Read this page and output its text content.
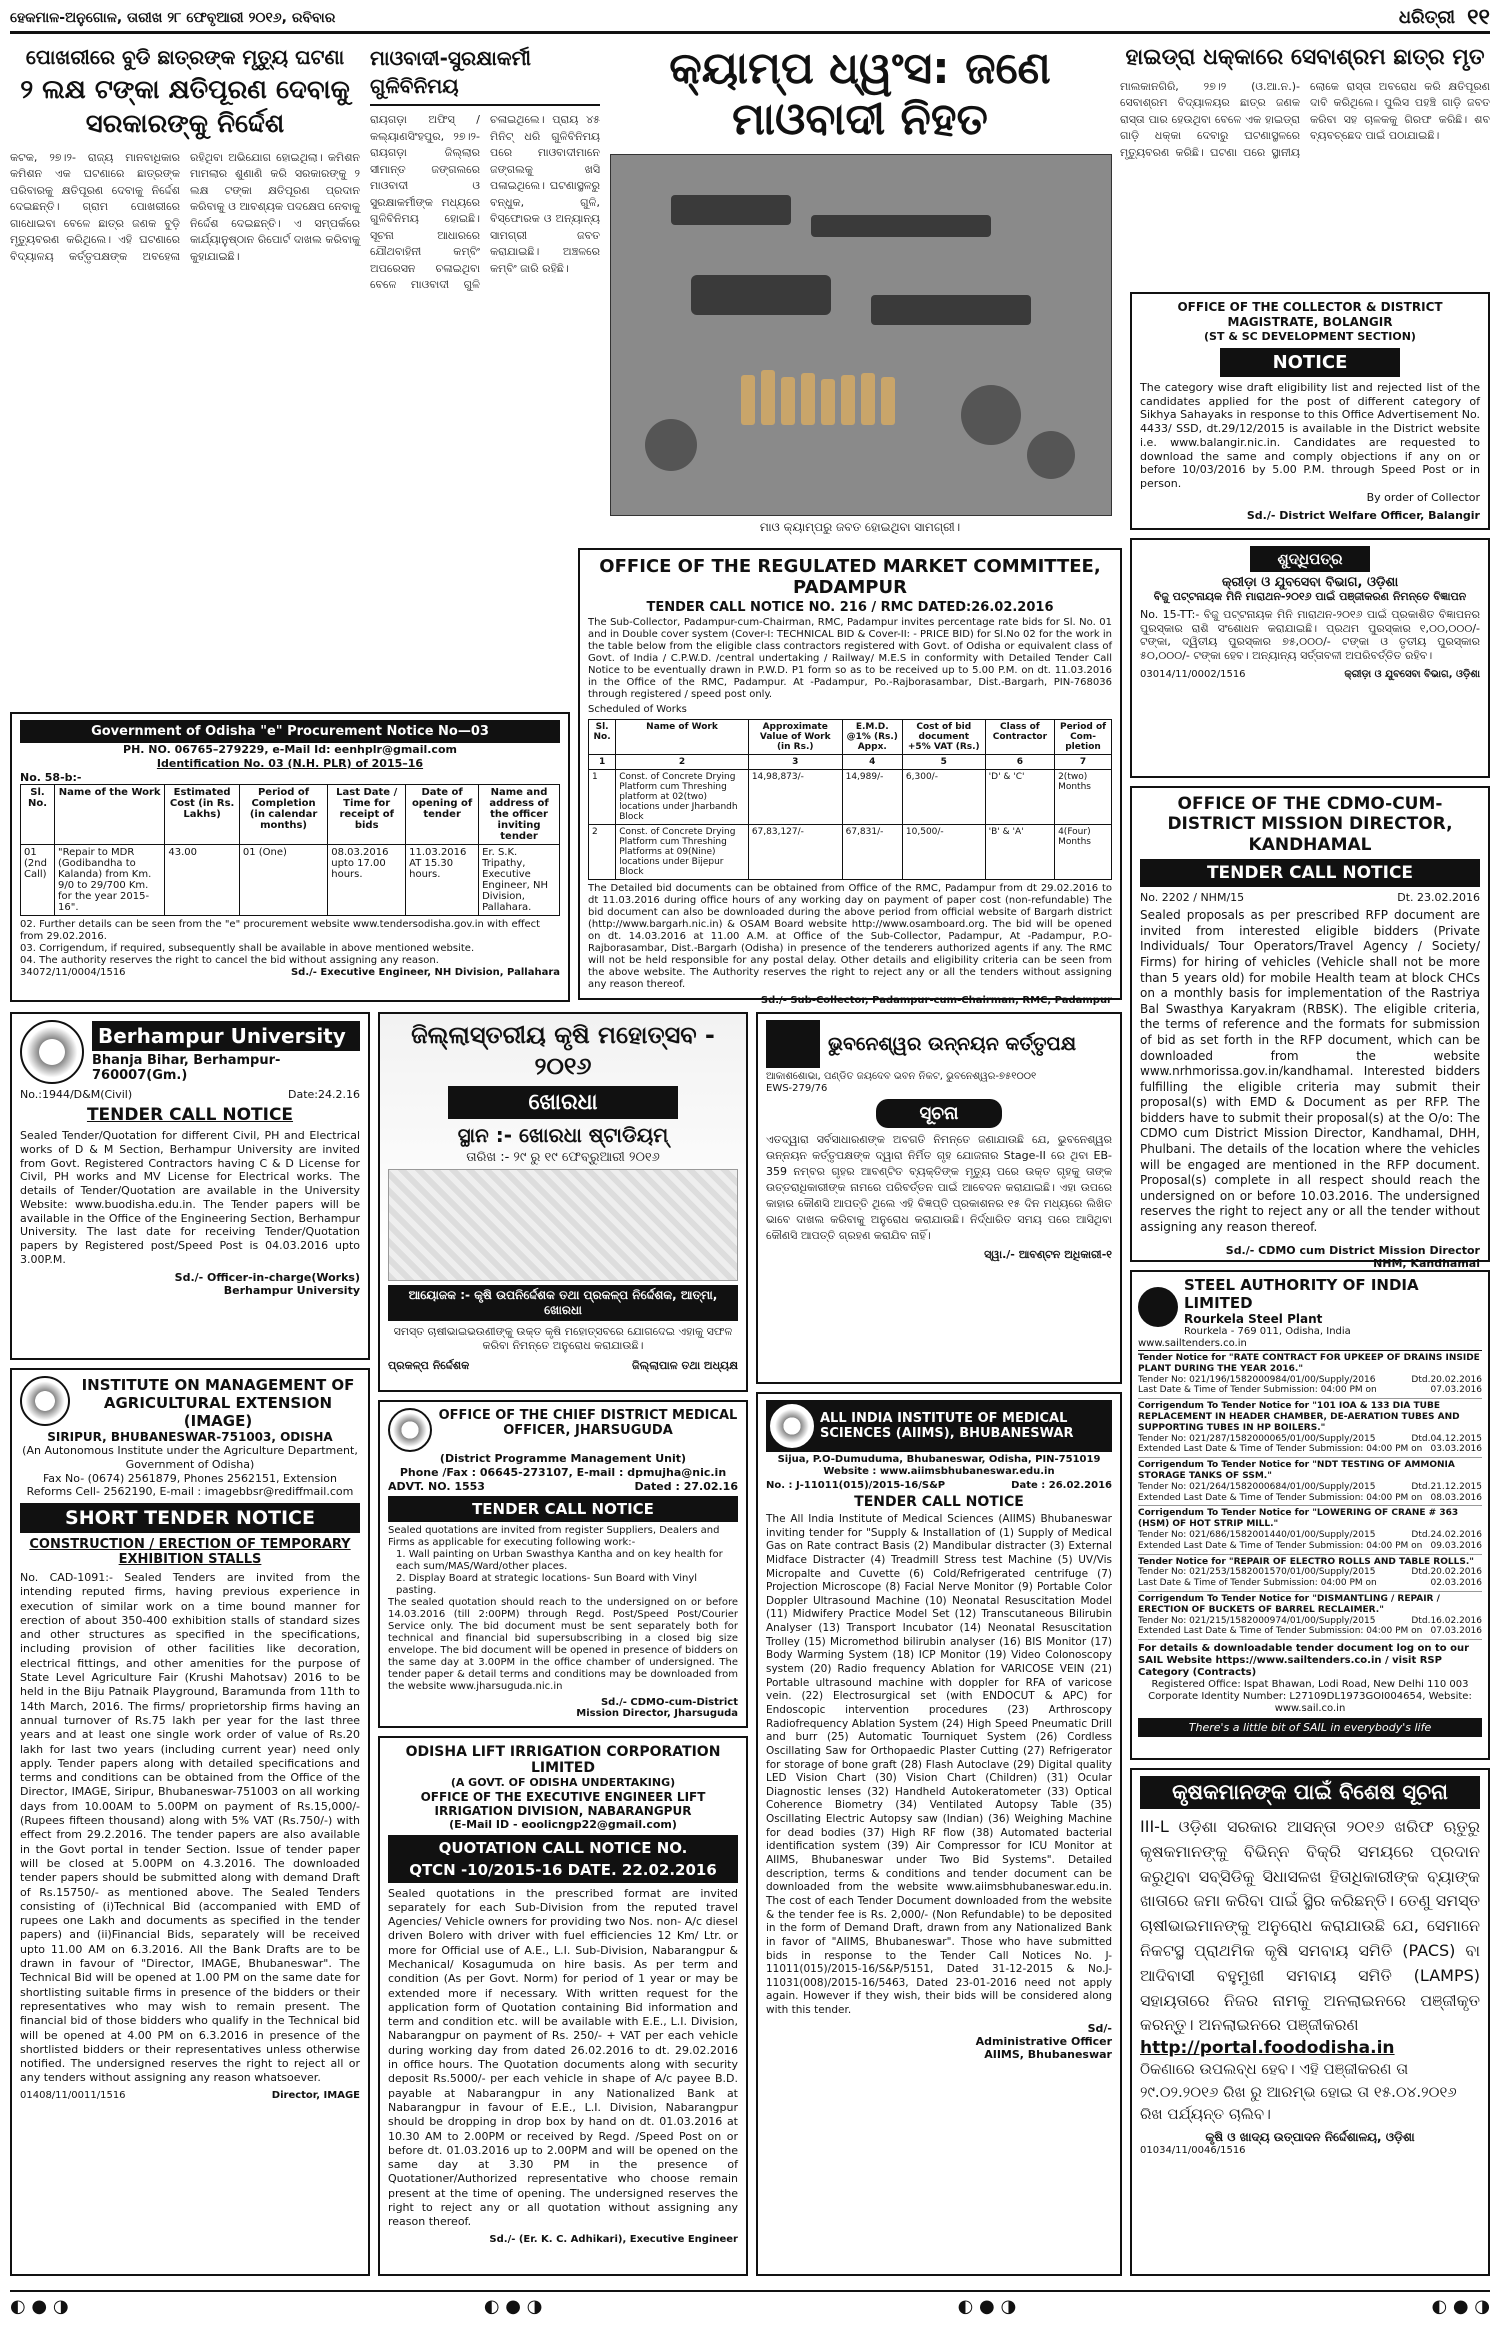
ହେକମାଳ-ଅନୁଗୋଳ, ତାରୀଖ ୨୮ ଫେବୃଆରୀ ୨୦୧୬, ରବିବାର	ଧରିତ୍ରୀ ୧୧
ପୋଖରୀରେ ବୁଡି ଛାତ୍ରଙ୍କ ମୃତ୍ୟୁ ଘଟଣା
୨ ଲକ୍ଷ ଟଙ୍କା କ୍ଷତିପୂରଣ ଦେବାକୁ ସରକାରଙ୍କୁ ନିର୍ଦ୍ଦେଶ
କଟକ, ୨୭।୨- ରାଜ୍ୟ ମାନବାଧିକାର କମିଶନ ଏକ ଘଟଣାରେ ଛାତ୍ରଙ୍କ ପରିବାରକୁ କ୍ଷତିପୂରଣ ଦେବାକୁ ନିର୍ଦ୍ଦେଶ ଦେଇଛନ୍ତି। ଗ୍ରାମ ପୋଖରୀରେ ଗାଧୋଇବା ବେଳେ ଛାତ୍ର ଜଣକ ବୁଡ଼ି ମୃତ୍ୟୁବରଣ କରିଥିଲେ। ଏହି ଘଟଣାରେ ବିଦ୍ୟାଳୟ କର୍ତ୍ତୃପକ୍ଷଙ୍କ ଅବହେଳା ରହିଥିବା ଅଭିଯୋଗ ହୋଇଥିଲା। କମିଶନ ମାମଲାର ଶୁଣାଣି କରି ସରକାରଙ୍କୁ ୨ ଲକ୍ଷ ଟଙ୍କା କ୍ଷତିପୂରଣ ପ୍ରଦାନ କରିବାକୁ ଓ ଆବଶ୍ୟକ ପଦକ୍ଷେପ ନେବାକୁ ନିର୍ଦ୍ଦେଶ ଦେଇଛନ୍ତି। ଏ ସମ୍ପର୍କରେ କାର୍ଯ୍ୟାନୁଷ୍ଠାନ ରିପୋର୍ଟ ଦାଖଲ କରିବାକୁ କୁହାଯାଇଛି।
ମାଓବାଦୀ-ସୁରକ୍ଷାକର୍ମୀ ଗୁଳିବିନିମୟ
ରାୟଗଡ଼ା ଅଫିସ୍ / କଲ୍ୟାଣସିଂହପୁର, ୨୭।୨- ରାୟଗଡ଼ା ଜିଲ୍ଲାର ସୀମାନ୍ତ ଜଙ୍ଗଲରେ ମାଓବାଦୀ ଓ ସୁରକ୍ଷାକର୍ମୀଙ୍କ ମଧ୍ୟରେ ଗୁଳିବିନିମୟ ହୋଇଛି। ସୂଚନା ଆଧାରରେ ଯୌଥବାହିନୀ କମ୍ବିଂ ଅପରେସନ ଚଳାଇଥିବା ବେଳେ ମାଓବାଦୀ ଗୁଳି ଚଳାଇଥିଲେ। ପ୍ରାୟ ୪୫ ମିନିଟ୍ ଧରି ଗୁଳିବିନିମୟ ପରେ ମାଓବାଦୀମାନେ ଜଙ୍ଗଲକୁ ଖସି ପଳାଇଥିଲେ। ଘଟଣାସ୍ଥଳରୁ ବନ୍ଧୁକ, ଗୁଳି, ବିସ୍ଫୋରକ ଓ ଅନ୍ୟାନ୍ୟ ସାମଗ୍ରୀ ଜବତ କରାଯାଇଛି। ଅଞ୍ଚଳରେ କମ୍ବିଂ ଜାରି ରହିଛି।
କ୍ୟାମ୍ପ ଧ୍ୱଂସ: ଜଣେ ମାଓବାଦୀ ନିହତ
ମାଓ କ୍ୟାମ୍ପରୁ ଜବତ ହୋଇଥିବା ସାମଗ୍ରୀ।
ହାଇଡ୍ରା ଧକ୍କାରେ ସେବାଶ୍ରମ ଛାତ୍ର ମୃତ
ମାଲକାନଗିରି, ୨୭।୨ (ଓ.ଆ.ନ.)- ସେବାଶ୍ରମ ବିଦ୍ୟାଳୟର ଛାତ୍ର ଜଣକ ରାସ୍ତା ପାର ହେଉଥିବା ବେଳେ ଏକ ହାଇଡ୍ରା ଗାଡ଼ି ଧକ୍କା ଦେବାରୁ ଘଟଣାସ୍ଥଳରେ ମୃତ୍ୟୁବରଣ କରିଛି। ଘଟଣା ପରେ ସ୍ଥାନୀୟ ଲୋକେ ରାସ୍ତା ଅବରୋଧ କରି କ୍ଷତିପୂରଣ ଦାବି କରିଥିଲେ। ପୁଲିସ ପହଞ୍ଚି ଗାଡ଼ି ଜବତ କରିବା ସହ ଚାଳକକୁ ଗିରଫ କରିଛି। ଶବ ବ୍ୟବଚ୍ଛେଦ ପାଇଁ ପଠାଯାଇଛି।
OFFICE OF THE COLLECTOR & DISTRICT MAGISTRATE, BOLANGIR
(ST & SC DEVELOPMENT SECTION)
NOTICE
The category wise draft eligibility list and rejected list of the candidates applied for the post of different category of Sikhya Sahayaks in response to this Office Advertisement No. 4433/ SSD, dt.29/12/2015 is available in the District website i.e. www.balangir.nic.in. Candidates are requested to download the same and comply objections if any on or before 10/03/2016 by 5.00 P.M. through Speed Post or in person.
By order of Collector
Sd./- District Welfare Officer, Balangir
ଶୁଦ୍ଧିପତ୍ର
କ୍ରୀଡ଼ା ଓ ଯୁବସେବା ବିଭାଗ, ଓଡ଼ିଶା
ବିଜୁ ପଟ୍ଟନାୟକ ମିନି ମାରାଥନ-୨୦୧୬ ପାଇଁ ପଞ୍ଜୀକରଣ ନିମନ୍ତେ ବିଜ୍ଞାପନ
No. 15-TT:- ବିଜୁ ପଟ୍ଟନାୟକ ମିନି ମାରାଥନ-୨୦୧୬ ପାଇଁ ପ୍ରକାଶିତ ବିଜ୍ଞାପନର ପୁରସ୍କାର ରାଶି ସଂଶୋଧନ କରାଯାଇଛି। ପ୍ରଥମ ପୁରସ୍କାର ୧,୦୦,୦୦୦/- ଟଙ୍କା, ଦ୍ୱିତୀୟ ପୁରସ୍କାର ୭୫,୦୦୦/- ଟଙ୍କା ଓ ତୃତୀୟ ପୁରସ୍କାର ୫୦,୦୦୦/- ଟଙ୍କା ହେବ। ଅନ୍ୟାନ୍ୟ ସର୍ତ୍ତାବଳୀ ଅପରିବର୍ତ୍ତିତ ରହିବ।
03014/11/0002/1516	କ୍ରୀଡ଼ା ଓ ଯୁବସେବା ବିଭାଗ, ଓଡ଼ିଶା
Government of Odisha "e" Procurement Notice No—03
PH. NO. 06765–279229, e-Mail Id: eenhplr@gmail.com
Identification No. 03 (N.H. PLR) of 2015–16
No. 58-b:-
Sl. No.	Name of the Work	Estimated Cost (in Rs. Lakhs)	Period of Completion (in calendar months)	Last Date / Time for receipt of bids	Date of opening of tender	Name and address of the officer inviting tender
01 (2nd Call)	"Repair to MDR (Godibandha to Kalanda) from Km. 9/0 to 29/700 Km. for the year 2015-16".	43.00	01 (One)	08.03.2016 upto 17.00 hours.	11.03.2016 AT 15.30 hours.	Er. S.K. Tripathy, Executive Engineer, NH Division, Pallahara.
02. Further details can be seen from the "e" procurement website www.tendersodisha.gov.in with effect from 29.02.2016.
03. Corrigendum, if required, subsequently shall be available in above mentioned website.
04. The authority reserves the right to cancel the bid without assigning any reason.
34072/11/0004/1516	Sd./- Executive Engineer, NH Division, Pallahara
OFFICE OF THE REGULATED MARKET COMMITTEE, PADAMPUR
TENDER CALL NOTICE NO. 216 / RMC DATED:26.02.2016
The Sub-Collector, Padampur-cum-Chairman, RMC, Padampur invites percentage rate bids for Sl. No. 01 and in Double cover system (Cover-I: TECHNICAL BID & Cover-II: - PRICE BID) for Sl.No 02 for the work in the table below from the eligible class contractors registered with Govt. of Odisha or equivalent class of Govt. of India / C.P.W.D. /central undertaking / Railway/ M.E.S in conformity with Detailed Tender Call Notice to be eventually drawn in P.W.D. P1 form so as to be received up to 5.00 P.M. on dt. 11.03.2016 in the Office of the RMC, Padampur. At -Padampur, Po.-Rajborasambar, Dist.-Bargarh, PIN-768036 through registered / speed post only.
Scheduled of Works
Sl. No.	Name of Work	Approximate Value of Work (in Rs.)	E.M.D. @1% (Rs.) Appx.	Cost of bid document +5% VAT (Rs.)	Class of Contractor	Period of Com-pletion
1	2	3	4	5	6	7
1	Const. of Concrete Drying Platform cum Threshing platform at 02(two) locations under Jharbandh Block	14,98,873/-	14,989/-	6,300/-	'D' & 'C'	2(two) Months
2	Const. of Concrete Drying Platform cum Threshing Platforms at 09(Nine) locations under Bijepur Block	67,83,127/-	67,831/-	10,500/-	'B' & 'A'	4(Four) Months
The Detailed bid documents can be obtained from Office of the RMC, Padampur from dt 29.02.2016 to dt 11.03.2016 during office hours of any working day on payment of paper cost (non-refundable) The bid document can also be downloaded during the above period from official website of Bargarh district (http://www.bargarh.nic.in) & OSAM Board website http://www.osamboard.org. The bid will be opened on dt. 14.03.2016 at 11.00 A.M. at Office of the Sub-Collector, Padampur, At -Padampur, P.O- Rajborasambar, Dist.-Bargarh (Odisha) in presence of the tenderers authorized agents if any. The RMC will not be held responsible for any postal delay. Other details and eligibility criteria can be seen from the above website. The Authority reserves the right to reject any or all the tenders without assigning any reason thereof.
Sd./- Sub-Collector, Padampur-cum-Chairman, RMC, Padampur
OFFICE OF THE CDMO-CUM-DISTRICT MISSION DIRECTOR, KANDHAMAL
TENDER CALL NOTICE
No. 2202 / NHM/15	Dt. 23.02.2016
Sealed proposals as per prescribed RFP document are invited from interested eligible bidders (Private Individuals/ Tour Operators/Travel Agency / Society/ Firms) for hiring of vehicles (Vehicle shall not be more than 5 years old) for mobile Health team at block CHCs on a monthly basis for implementation of the Rastriya Bal Swasthya Karyakram (RBSK). The eligible criteria, the terms of reference and the formats for submission of bid as set forth in the RFP document, which can be downloaded from the website www.nrhmorissa.gov.in/kandhamal. Interested bidders fulfilling the eligible criteria may submit their proposal(s) with EMD & Document as per RFP. The bidders have to submit their proposal(s) at the O/o: The CDMO cum District Mission Director, Kandhamal, DHH, Phulbani. The details of the location where the vehicles will be engaged are mentioned in the RFP document. Proposal(s) complete in all respect should reach the undersigned on or before 10.03.2016. The undersigned reserves the right to reject any or all the tender without assigning any reason thereof.
Sd./- CDMO cum District Mission Director
NHM, Kandhamal
Berhampur University
Bhanja Bihar, Berhampur-760007(Gm.)
No.:1944/D&M(Civil)	Date:24.2.16
TENDER CALL NOTICE
Sealed Tender/Quotation for different Civil, PH and Electrical works of D & M Section, Berhampur University are invited from Govt. Registered Contractors having C & D License for Civil, PH works and MV License for Electrical works. The details of Tender/Quotation are available in the University Website: www.buodisha.edu.in. The Tender papers will be available in the Office of the Engineering Section, Berhampur University. The last date for receiving Tender/Quotation papers by Registered post/Speed Post is 04.03.2016 upto 3.00P.M.
Sd./- Officer-in-charge(Works)
Berhampur University
ଜିଲ୍ଲାସ୍ତରୀୟ କୃଷି ମହୋତ୍ସବ - ୨୦୧୬
ଖୋରଧା
ସ୍ଥାନ :- ଖୋରଧା ଷ୍ଟାଡିୟମ୍
ତାରିଖ :- ୨୯ ରୁ ୧୯ ଫେବ୍ରୁଆରୀ ୨୦୧୬
ଆୟୋଜକ :- କୃଷି ଉପନିର୍ଦ୍ଦେଶକ ତଥା ପ୍ରକଳ୍ପ ନିର୍ଦ୍ଦେଶକ, ଆତ୍ମା, ଖୋରଧା
ସମସ୍ତ ଚାଷୀଭାଇଭଉଣୀଙ୍କୁ ଉକ୍ତ କୃଷି ମହୋତ୍ସବରେ ଯୋଗଦେଇ ଏହାକୁ ସଫଳ କରିବା ନିମନ୍ତେ ଅନୁରୋଧ କରାଯାଉଛି।
ପ୍ରକଳ୍ପ ନିର୍ଦ୍ଦେଶକ	ଜିଲ୍ଲାପାଳ ତଥା ଅଧ୍ୟକ୍ଷ
ଭୁବନେଶ୍ୱର ଉନ୍ନୟନ କର୍ତ୍ତୃପକ୍ଷ
ଆକାଶଶୋଭା, ପଣ୍ଡିତ ଜୟଦେବ ଭବନ ନିକଟ, ଭୁବନେଶ୍ୱର-୭୫୧୦୦୧
EWS-279/76
ସୂଚନା
ଏତଦ୍ୱାରା ସର୍ବସାଧାରଣଙ୍କ ଅବଗତି ନିମନ୍ତେ ଜଣାଯାଉଛି ଯେ, ଭୁବନେଶ୍ୱର ଉନ୍ନୟନ କର୍ତ୍ତୃପକ୍ଷଙ୍କ ଦ୍ୱାରା ନିର୍ମିତ ଗୃହ ଯୋଜନାର Stage-II ରେ ଥିବା EB-359 ନମ୍ବର ଗୃହର ଆବଣ୍ଟିତ ବ୍ୟକ୍ତିଙ୍କ ମୃତ୍ୟୁ ପରେ ଉକ୍ତ ଗୃହକୁ ତାଙ୍କ ଉତ୍ତରାଧିକାରୀଙ୍କ ନାମରେ ପରିବର୍ତ୍ତନ ପାଇଁ ଆବେଦନ କରାଯାଇଛି। ଏହା ଉପରେ କାହାର କୌଣସି ଆପତ୍ତି ଥିଲେ ଏହି ବିଜ୍ଞପ୍ତି ପ୍ରକାଶନର ୧୫ ଦିନ ମଧ୍ୟରେ ଲିଖିତ ଭାବେ ଦାଖଲ କରିବାକୁ ଅନୁରୋଧ କରାଯାଉଛି। ନିର୍ଦ୍ଧାରିତ ସମୟ ପରେ ଆସିଥିବା କୌଣସି ଆପତ୍ତି ଗ୍ରହଣ କରାଯିବ ନାହିଁ।
ସ୍ୱା./- ଆବଣ୍ଟନ ଅଧିକାରୀ-୧
INSTITUTE ON MANAGEMENT OF AGRICULTURAL EXTENSION (IMAGE)
SIRIPUR, BHUBANESWAR-751003, ODISHA
(An Autonomous Institute under the Agriculture Department, Government of Odisha)
Fax No- (0674) 2561879, Phones 2562151, Extension Reforms Cell- 2562190, E-mail : imagebbsr@rediffmail.com
SHORT TENDER NOTICE
CONSTRUCTION / ERECTION OF TEMPORARY EXHIBITION STALLS
No. CAD-1091:- Sealed Tenders are invited from the intending reputed firms, having previous experience in execution of similar work on a time bound manner for erection of about 350-400 exhibition stalls of standard sizes and other structures as specified in the specifications, including provision of other facilities like decoration, electrical fittings, and other amenities for the purpose of State Level Agriculture Fair (Krushi Mahotsav) 2016 to be held in the Biju Patnaik Playground, Baramunda from 11th to 14th March, 2016. The firms/ proprietorship firms having an annual turnover of Rs.75 lakh per year for the last three years and at least one single work order of value of Rs.20 lakh for last two years (including current year) need only apply. Tender papers along with detailed specifications and terms and conditions can be obtained from the Office of the Director, IMAGE, Siripur, Bhubaneswar-751003 on all working days from 10.00AM to 5.00PM on payment of Rs.15,000/- (Rupees fifteen thousand) along with 5% VAT (Rs.750/-) with effect from 29.2.2016. The tender papers are also available in the Govt portal in tender Section. Issue of tender paper will be closed at 5.00PM on 4.3.2016. The downloaded tender papers should be submitted along with demand Draft of Rs.15750/- as mentioned above. The Sealed Tenders consisting of (i)Technical Bid (accompanied with EMD of rupees one Lakh and documents as specified in the tender papers) and (ii)Financial Bids, separately will be received upto 11.00 AM on 6.3.2016. All the Bank Drafts are to be drawn in favour of "Director, IMAGE, Bhubaneswar". The Technical Bid will be opened at 1.00 PM on the same date for shortlisting suitable firms in presence of the bidders or their representatives who may wish to remain present. The financial bid of those bidders who qualify in the Technical bid will be opened at 4.00 PM on 6.3.2016 in presence of the shortlisted bidders or their representatives unless otherwise notified. The undersigned reserves the right to reject all or any tenders without assigning any reason whatsoever.
01408/11/0011/1516	Director, IMAGE
OFFICE OF THE CHIEF DISTRICT MEDICAL OFFICER, JHARSUGUDA
(District Programme Management Unit)
Phone /Fax : 06645-273107, E-mail : dpmujha@nic.in
ADVT. NO. 1553	Dated : 27.02.16
TENDER CALL NOTICE
Sealed quotations are invited from register Suppliers, Dealers and Firms as applicable for executing following work:-
1. Wall painting on Urban Swasthya Kantha and on key health for each sum/MAS/Ward/other places.
2. Display Board at strategic locations- Sun Board with Vinyl pasting.
The sealed quotation should reach to the undersigned on or before 14.03.2016 (till 2:00PM) through Regd. Post/Speed Post/Courier Service only. The bid document must be sent separately both for technical and financial bid supersubscribing in a closed big size envelope. The bid document will be opened in presence of bidders on the same day at 3.00PM in the office chamber of undersigned. The tender paper & detail terms and conditions may be downloaded from the website www.jharsuguda.nic.in
Sd./- CDMO-cum-District
Mission Director, Jharsuguda
ALL INDIA INSTITUTE OF MEDICAL SCIENCES (AIIMS), BHUBANESWAR
Sijua, P.O-Dumuduma, Bhubaneswar, Odisha, PIN-751019
Website : www.aiimsbhubaneswar.edu.in
No. : J-11011(015)/2015-16/S&P	Date : 26.02.2016
TENDER CALL NOTICE
The All India Institute of Medical Sciences (AIIMS) Bhubaneswar inviting tender for "Supply & Installation of (1) Supply of Medical Gas on Rate contract Basis (2) Mandibular distracter (3) External Midface Distracter (4) Treadmill Stress test Machine (5) UV/Vis Micropalte and Cuvette (6) Cold/Refrigerated centrifuge (7) Projection Microscope (8) Facial Nerve Monitor (9) Portable Color Doppler Ultrasound Machine (10) Neonatal Resuscitation Model (11) Midwifery Practice Model Set (12) Transcutaneous Bilirubin Analyser (13) Transport Incubator (14) Neonatal Resuscitation Trolley (15) Micromethod bilirubin analyser (16) BIS Monitor (17) Body Warming System (18) ICP Monitor (19) Video Colonoscopy system (20) Radio frequency Ablation for VARICOSE VEIN (21) Portable ultrasound machine with doppler for RFA of varicose vein. (22) Electrosurgical set (with ENDOCUT & APC) for Endoscopic intervention procedures (23) Arthroscopy Radiofrequency Ablation System (24) High Speed Pneumatic Drill and burr (25) Automatic Tourniquet System (26) Cordless Oscillating Saw for Orthopaedic Plaster Cutting (27) Refrigerator for storage of bone graft (28) Flash Autoclave (29) Digital quality LED Vision Chart (30) Vision Chart (Children) (31) Ocular Diagnostic lenses (32) Handheld Autokeratometer (33) Optical Coherence Biometry (34) Ventilated Autopsy Table (35) Oscillating Electric Autopsy saw (Indian) (36) Weighing Machine for dead bodies (37) High RF flow (38) Automated bacterial identification system (39) Air Compressor for ICU Monitor at AIIMS, Bhubaneswar under Two Bid Systems". Detailed description, terms & conditions and tender document can be downloaded from the website www.aiimsbhubaneswar.edu.in. The cost of each Tender Document downloaded from the website & the tender fee is Rs. 2,000/- (Non Refundable) to be deposited in the form of Demand Draft, drawn from any Nationalized Bank in favor of "AIIMS, Bhubaneswar". Those who have submitted bids in response to the Tender Call Notices No. J-11011(015)/2015-16/S&P/5151, Dated 31-12-2015 & No.J-11031(008)/2015-16/5463, Dated 23-01-2016 need not apply again. However if they wish, their bids will be considered along with this tender.
Sd/-
Administrative Officer
AIIMS, Bhubaneswar
ODISHA LIFT IRRIGATION CORPORATION LIMITED
(A GOVT. OF ODISHA UNDERTAKING)
OFFICE OF THE EXECUTIVE ENGINEER LIFT IRRIGATION DIVISION, NABARANGPUR
(E-Mail ID - eoolicngp22@gmail.com)
QUOTATION CALL NOTICE NO.
QTCN -10/2015-16 DATE. 22.02.2016
Sealed quotations in the prescribed format are invited separately for each Sub-Division from the reputed travel Agencies/ Vehicle owners for providing two Nos. non- A/c diesel driven Bolero with driver with fuel efficiencies 12 Km/ Ltr. or more for Official use of A.E., L.I. Sub-Division, Nabarangpur & Mechanical/ Kosagumuda on hire basis. As per term and condition (As per Govt. Norm) for period of 1 year or may be extended more if necessary. With written request for the application form of Quotation containing Bid information and term and condition etc. will be available with E.E., L.I. Division, Nabarangpur on payment of Rs. 250/- + VAT per each vehicle during working day from dated 26.02.2016 to dt. 29.02.2016 in office hours. The Quotation documents along with security deposit Rs.5000/- per each vehicle in shape of A/c payee B.D. payable at Nabarangpur in any Nationalized Bank at Nabarangpur in favour of E.E., L.I. Division, Nabarangpur should be dropping in drop box by hand on dt. 01.03.2016 at 10.30 AM to 2.00PM or received by Regd. /Speed Post on or before dt. 01.03.2016 up to 2.00PM and will be opened on the same day at 3.30 PM in the presence of Quotationer/Authorized representative who choose remain present at the time of opening. The undersigned reserves the right to reject any or all quotation without assigning any reason thereof.
Sd./- (Er. K. C. Adhikari), Executive Engineer
STEEL AUTHORITY OF INDIA LIMITED
Rourkela Steel Plant
Rourkela - 769 011, Odisha, India
www.sailtenders.co.in
Tender Notice for "RATE CONTRACT FOR UPKEEP OF DRAINS INSIDE PLANT DURING THE YEAR 2016."
Tender No: 021/196/1582000984/01/00/Supply/2016	Dtd.20.02.2016
Last Date & Time of Tender Submission: 04:00 PM on	07.03.2016
Corrigendum To Tender Notice for "101 IOA & 133 DIA TUBE REPLACEMENT IN HEADER CHAMBER, DE-AERATION TUBES AND SUPPORTING TUBES IN HP BOILERS."
Tender No: 021/287/1582000065/01/00/Supply/2015	Dtd.04.12.2015
Extended Last Date & Time of Tender Submission: 04:00 PM on 03.03.2016
Corrigendum To Tender Notice for "NDT TESTING OF AMMONIA STORAGE TANKS OF SSM."
Tender No: 021/264/1582000684/01/00/Supply/2015	Dtd.21.12.2015
Extended Last Date & Time of Tender Submission: 04:00 PM on 08.03.2016
Corrigendum To Tender Notice for "LOWERING OF CRANE # 363 (HSM) OF HOT STRIP MILL."
Tender No: 021/686/1582001440/01/00/Supply/2015	Dtd.24.02.2016
Extended Last Date & Time of Tender Submission: 04:00 PM on 09.03.2016
Tender Notice for "REPAIR OF ELECTRO ROLLS AND TABLE ROLLS."
Tender No: 021/253/1582001570/01/00/Supply/2015	Dtd.20.02.2016
Last Date & Time of Tender Submission: 04:00 PM on	02.03.2016
Corrigendum To Tender Notice for "DISMANTLING / REPAIR / ERECTION OF BUCKETS OF BARREL RECLAIMER."
Tender No: 021/215/1582000974/01/00/Supply/2015	Dtd.16.02.2016
Extended Last Date & Time of Tender Submission: 04:00 PM on 07.03.2016
For details & downloadable tender document log on to our SAIL Website https://www.sailtenders.co.in / visit RSP Category (Contracts)
Registered Office: Ispat Bhawan, Lodi Road, New Delhi 110 003
Corporate Identity Number: L27109DL1973GOI004654, Website: www.sail.co.in
There's a little bit of SAIL in everybody's life
କୃଷକମାନଙ୍କ ପାଇଁ ବିଶେଷ ସୂଚନା
III-L ଓଡ଼ିଶା ସରକାର ଆସନ୍ତା ୨୦୧୬ ଖରିଫ ଋତୁରୁ କୃଷକମାନଙ୍କୁ ବିଭିନ୍ନ ବିକ୍ରି ସମୟରେ ପ୍ରଦାନ କରୁଥିବା ସବ୍ସିଡିକୁ ସିଧାସଳଖ ହିତାଧିକାରୀଙ୍କ ବ୍ୟାଙ୍କ ଖାତାରେ ଜମା କରିବା ପାଇଁ ସ୍ଥିର କରିଛନ୍ତି। ତେଣୁ ସମସ୍ତ ଚାଷୀଭାଇମାନଙ୍କୁ ଅନୁରୋଧ କରାଯାଉଛି ଯେ, ସେମାନେ ନିକଟସ୍ଥ ପ୍ରାଥମିକ କୃଷି ସମବାୟ ସମିତି (PACS) ବା ଆଦିବାସୀ ବହୁମୁଖୀ ସମବାୟ ସମିତି (LAMPS) ସହାୟତାରେ ନିଜର ନାମକୁ ଅନଲାଇନରେ ପଞ୍ଜୀକୃତ କରନ୍ତୁ। ଅନଲାଇନରେ ପଞ୍ଜୀକରଣ
http://portal.foododisha.in
ଠିକଣାରେ ଉପଲବ୍ଧ ହେବ। ଏହି ପଞ୍ଜୀକରଣ ତା ୨୯.୦୨.୨୦୧୬ ରିଖ ରୁ ଆରମ୍ଭ ହୋଇ ତା ୧୫.୦୪.୨୦୧୬ ରିଖ ପର୍ଯ୍ୟନ୍ତ ଚାଲିବ।
କୃଷି ଓ ଖାଦ୍ୟ ଉତ୍ପାଦନ ନିର୍ଦ୍ଦେଶାଳୟ, ଓଡ଼ିଶା
01034/11/0046/1516
◐ ● ◑	◐ ● ◑	◐ ● ◑	◐ ● ◑
